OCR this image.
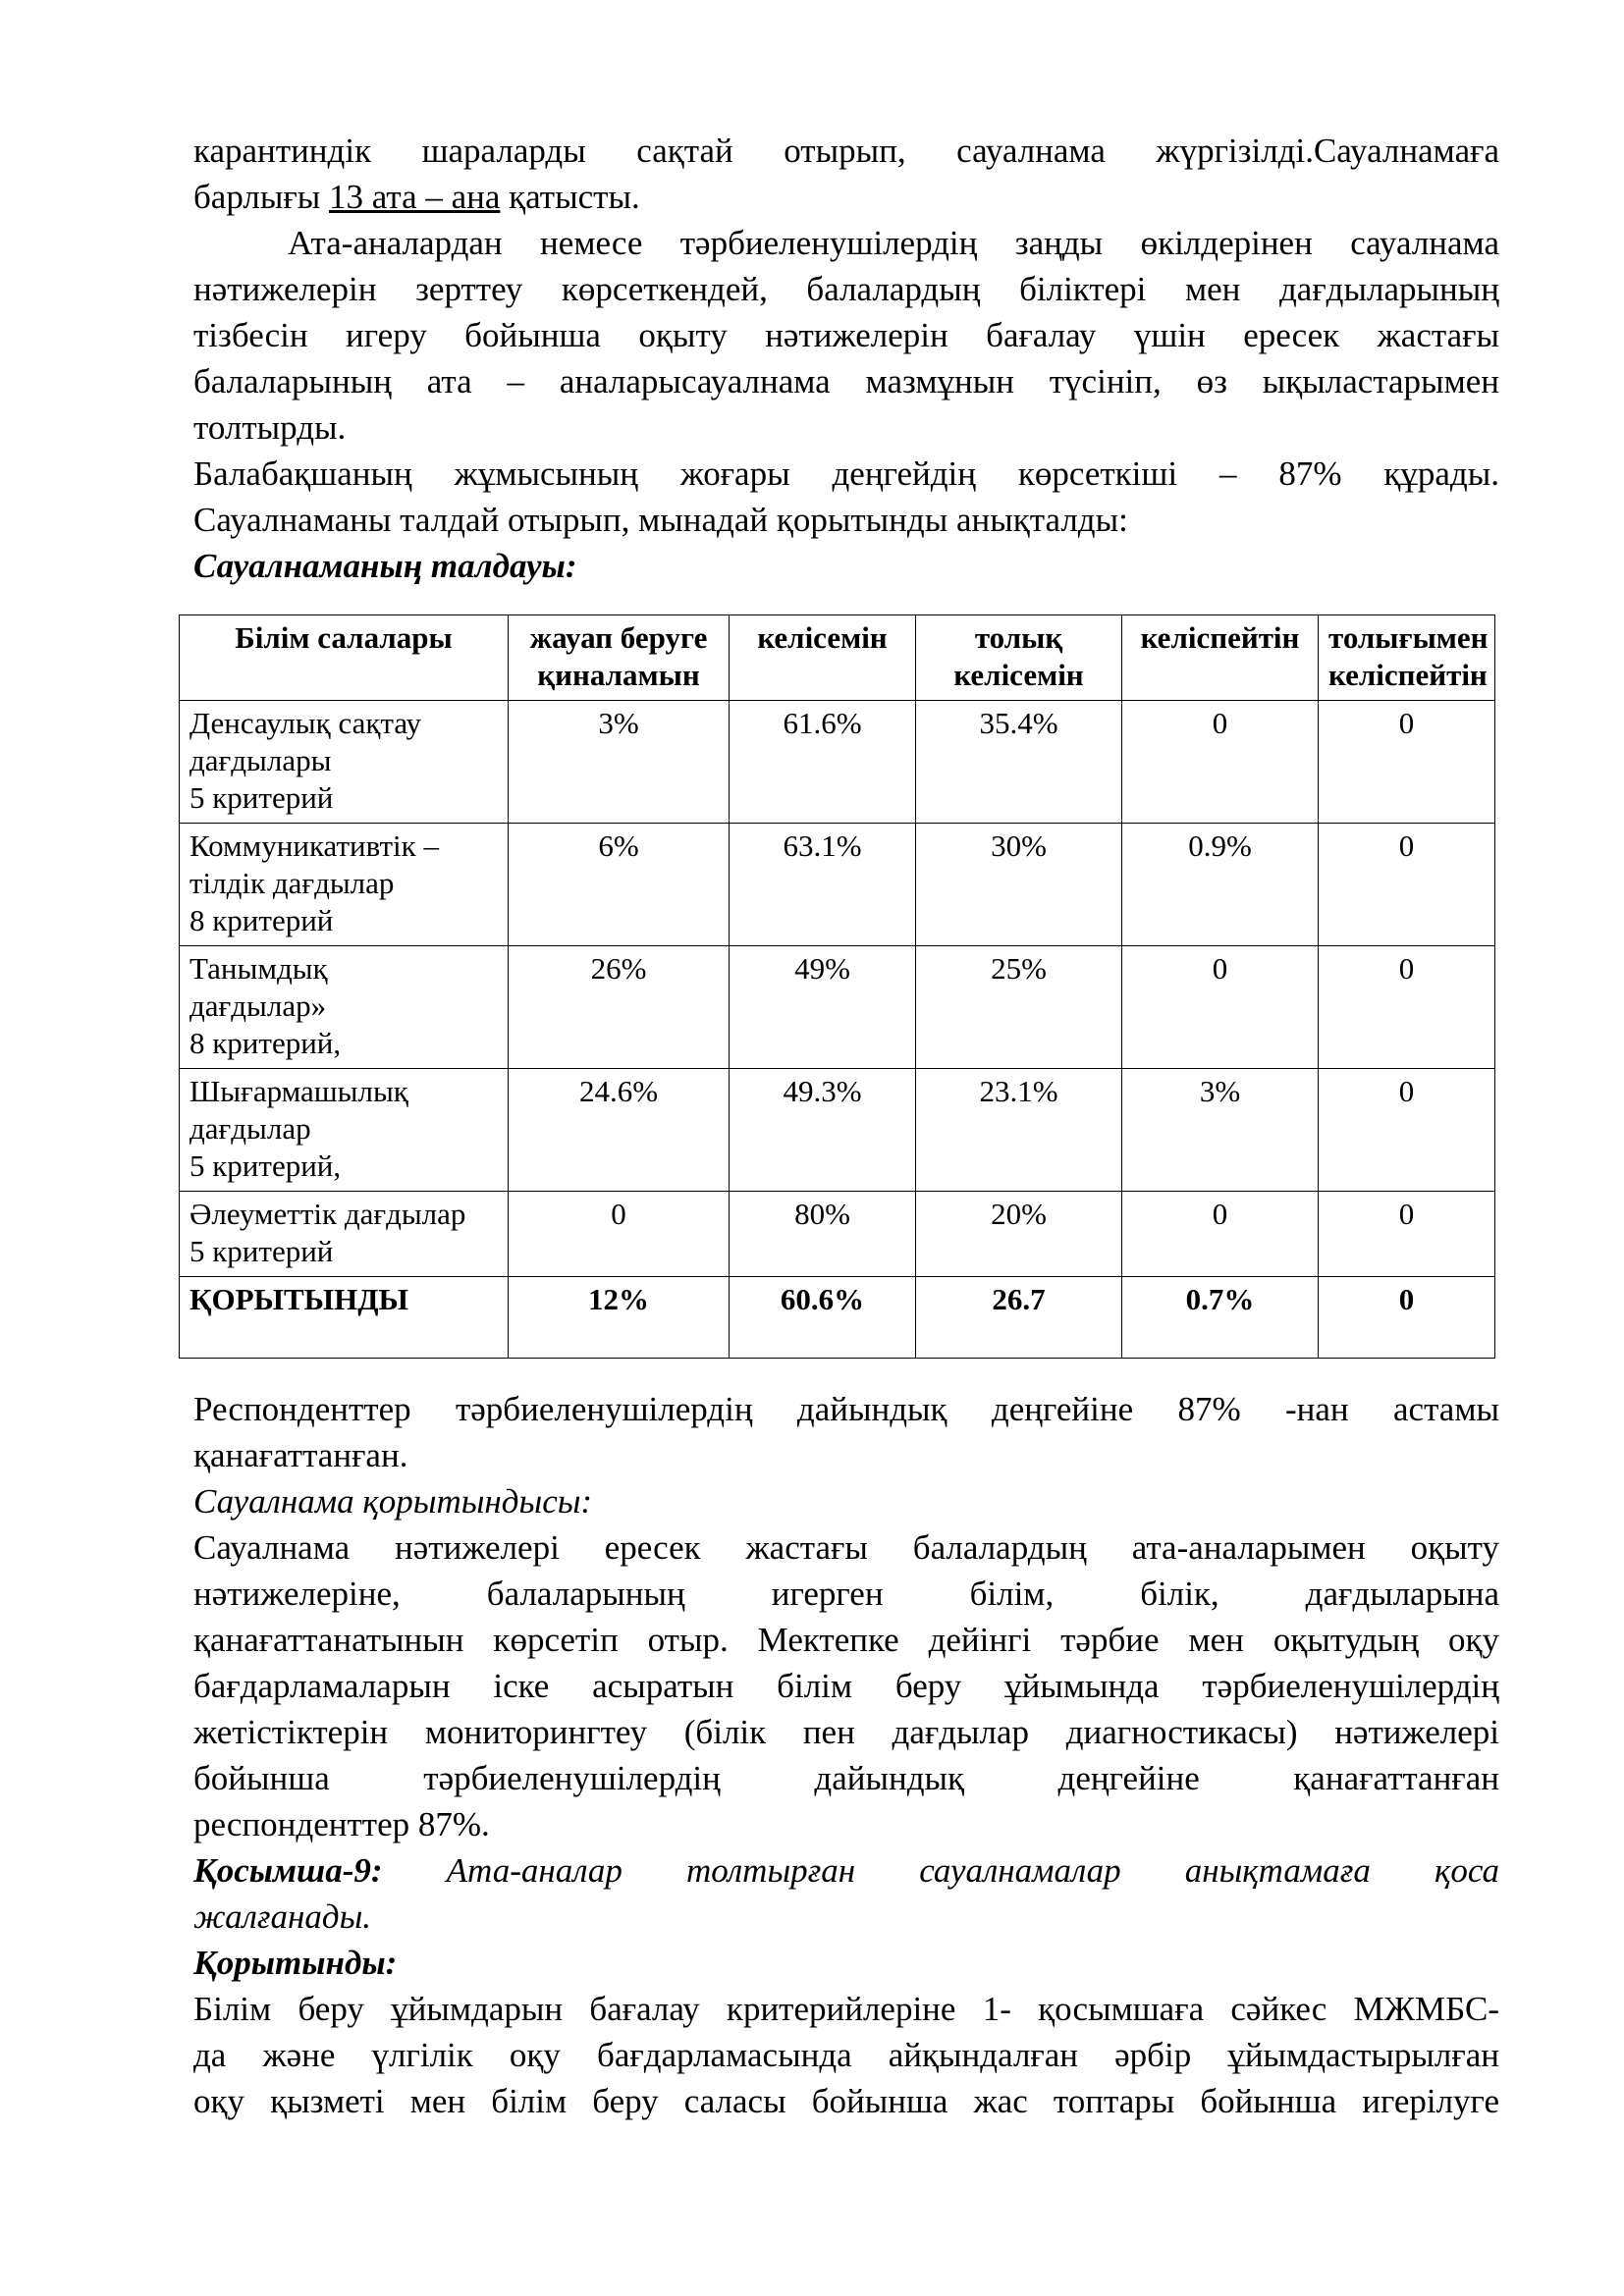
карантиндік шараларды сақтай отырып, сауалнама жүргізілді.Сауалнамаға

барлығы 13 ата – ана қатысты.

Ата-аналардан немесе тәрбиеленушілердің заңды өкілдерінен сауалнама

нәтижелерін зерттеу көрсеткендей, балалардың біліктері мен дағдыларының

тізбесін игеру бойынша оқыту нәтижелерін бағалау үшін ересек жастағы

балаларының ата – аналарысауалнама мазмұнын түсініп, өз ықыластарымен

толтырды.

Балабақшаның жұмысының жоғары деңгейдің көрсеткіші – 87% құрады.

Сауалнаманы талдай отырып, мынадай қорытынды анықталды:

Сауалнаманың талдауы:

Білім салалары	жауап беруге қиналамын	келісемін	толық келісемін	келіспейтін	толығымен келіспейтін
Денсаулық сақтау
дағдылары
5 критерий	3%	61.6%	35.4%	0	0
Коммуникативтік –
тілдік дағдылар
8 критерий	6%	63.1%	30%	0.9%	0
Танымдық
дағдылар»
8 критерий,	26%	49%	25%	0	0
Шығармашылық
дағдылар
5 критерий,	24.6%	49.3%	23.1%	3%	0
Әлеуметтік дағдылар
5 критерий	0	80%	20%	0	0
ҚОРЫТЫНДЫ	12%	60.6%	26.7	0.7%	0

Респонденттер тәрбиеленушілердің дайындық деңгейіне 87% -нан астамы

қанағаттанған.

Сауалнама қорытындысы:

Сауалнама нәтижелері ересек жастағы балалардың ата-аналарымен оқыту

нәтижелеріне, балаларының игерген білім, білік, дағдыларына

қанағаттанатынын көрсетіп отыр. Мектепке дейінгі тәрбие мен оқытудың оқу

бағдарламаларын іске асыратын білім беру ұйымында тәрбиеленушілердің

жетістіктерін мониторингтеу (білік пен дағдылар диагностикасы) нәтижелері

бойынша тәрбиеленушілердің дайындық деңгейіне қанағаттанған

респонденттер 87%.

Қосымша-9: Ата-аналар толтырған сауалнамалар анықтамаға қоса

жалғанады.

Қорытынды:

Білім беру ұйымдарын бағалау критерийлеріне 1- қосымшаға сәйкес МЖМБС-

да және үлгілік оқу бағдарламасында айқындалған әрбір ұйымдастырылған

оқу қызметі мен білім беру саласы бойынша жас топтары бойынша игерілуге
